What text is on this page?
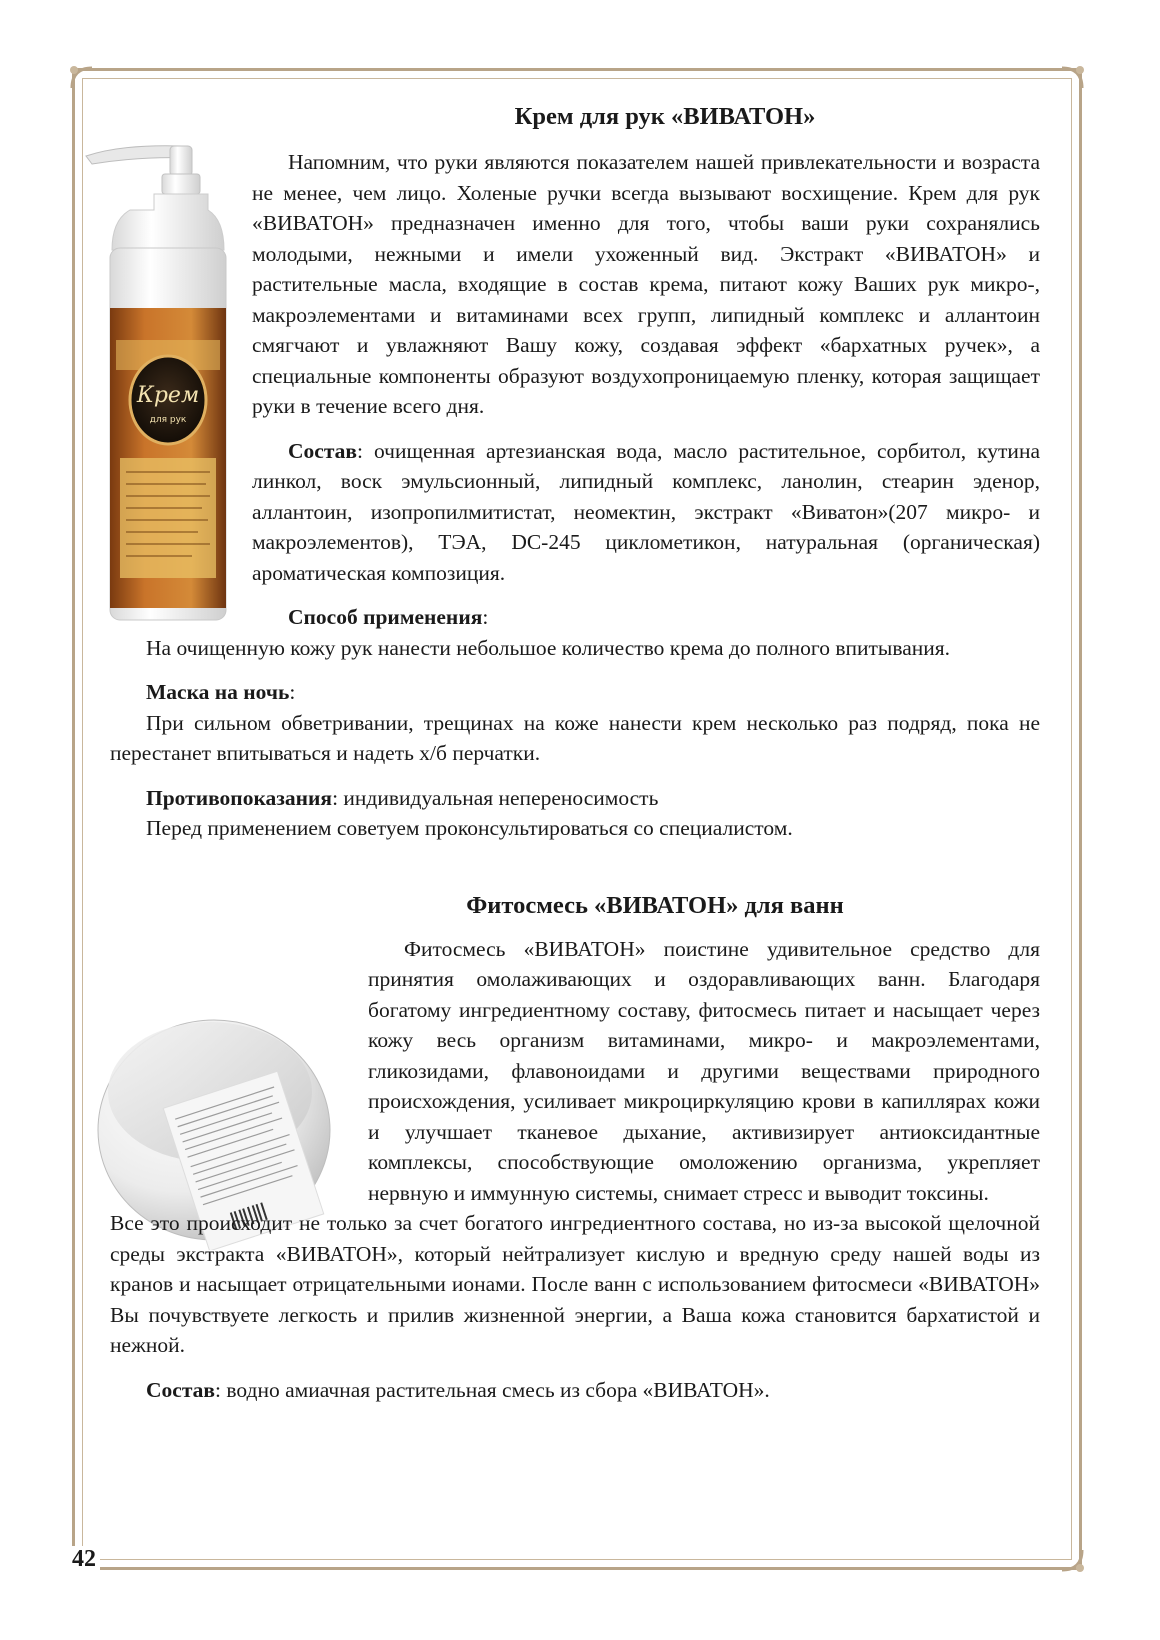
Крем
для рук
Крем для рук «ВИВАТОН»

Напомним, что руки являются показателем нашей привлекательности и возраста не менее, чем лицо. Холеные ручки всегда вызывают восхищение. Крем для рук «ВИВАТОН» предназначен именно для того, чтобы ваши руки сохранялись молодыми, нежными и имели ухоженный вид. Экстракт «ВИВАТОН» и растительные масла, входящие в состав крема, питают кожу Ваших рук микро-, макроэлементами и витаминами всех групп, липидный комплекс и аллантоин смягчают и увлажняют Вашу кожу, создавая эффект «бархатных ручек», а специальные компоненты образуют воздухопроницаемую пленку, которая защищает руки в течение всего дня.

Состав: очищенная артезианская вода, масло растительное, сорбитол, кутина линкол, воск эмульсионный, липидный комплекс, ланолин, стеарин эденор, аллантоин, изопропилмитистат, неомектин, экстракт «Виватон»(207 микро- и макроэлементов), ТЭА, DC-245 циклометикон, натуральная (органическая) ароматическая композиция.

Способ применения:

На очищенную кожу рук нанести небольшое количество крема до полного впитывания.

Маска на ночь:

При сильном обветривании, трещинах на коже нанести крем несколько раз подряд, пока не перестанет впитываться и надеть х/б перчатки.

Противопоказания: индивидуальная непереносимость

Перед применением советуем проконсультироваться со специалистом.

Фитосмесь «ВИВАТОН» для ванн

Фитосмесь «ВИВАТОН» поистине удивительное средство для принятия омолаживающих и оздоравливающих ванн. Благодаря богатому ингредиентному составу, фитосмесь питает и насыщает через кожу весь организм витаминами, микро- и макроэлементами, гликозидами, флавоноидами и другими веществами природного происхождения, усиливает микроциркуляцию крови в капиллярах кожи и улучшает тканевое дыхание, активизирует антиоксидантные комплексы, способствующие омоложению организма, укрепляет нервную и иммунную системы, снимает стресс и выводит токсины.

Все это происходит не только за счет богатого ингредиентного состава, но из-за высокой щелочной среды экстракта «ВИВАТОН», который нейтрализует кислую и вредную среду нашей воды из кранов и насыщает отрицательными ионами. После ванн с использованием фитосмеси «ВИВАТОН» Вы почувствуете легкость и прилив жизненной энергии, а Ваша кожа становится бархатистой и нежной.

Состав: водно амиачная растительная смесь из сбора «ВИВАТОН».

42
